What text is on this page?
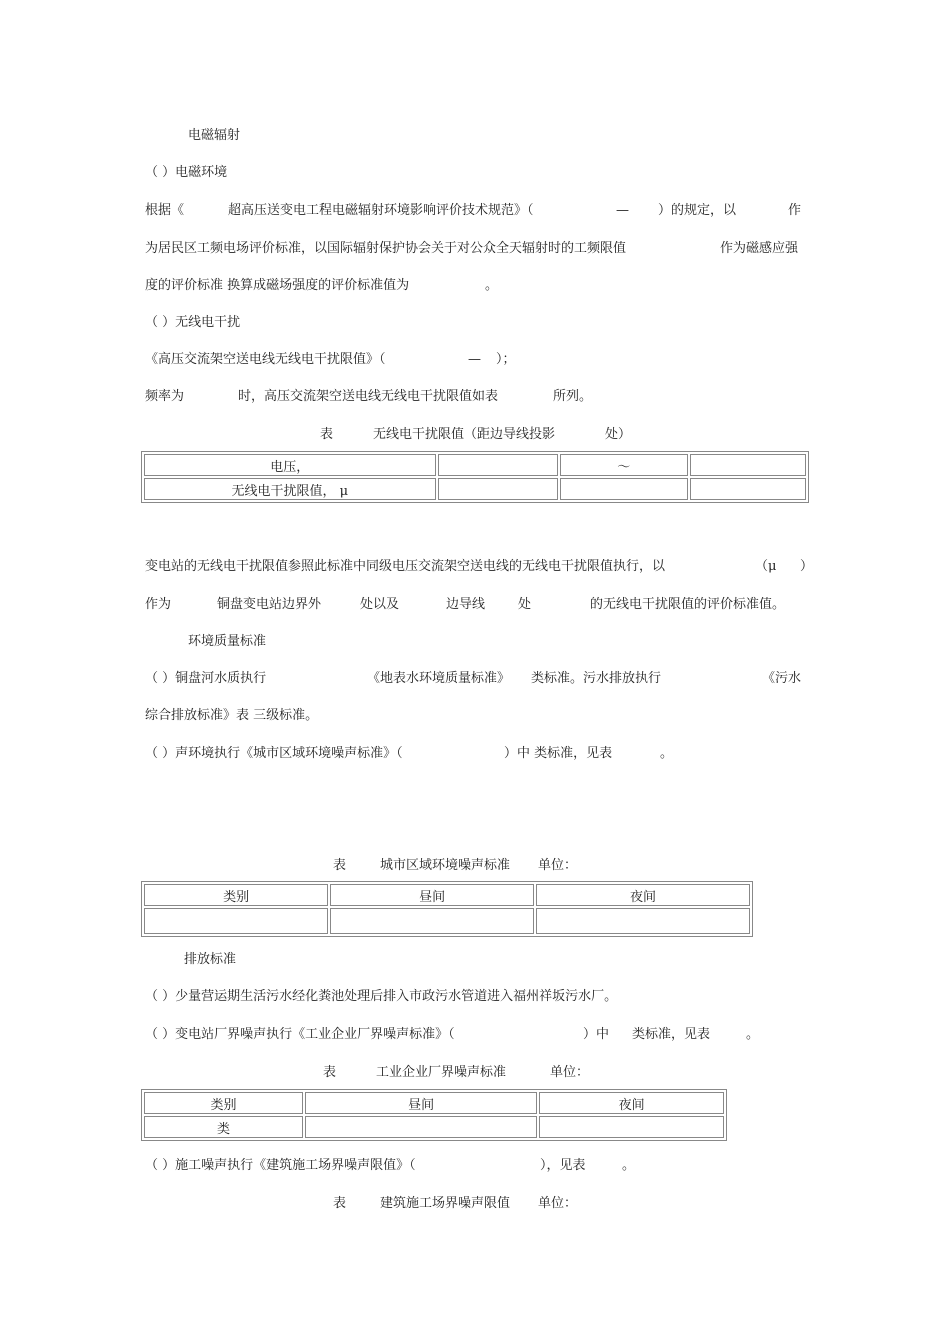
电磁辐射
（ ）电磁环境
根据《	超高压送变电工程电磁辐射环境影响评价技术规范》（	— ）的规定，以	作
为居民区工频电场评价标准，以国际辐射保护协会关于对公众全天辐射时的工频限值	作为磁感应强
度的评价标准 换算成磁场强度的评价标准值为	。
（ ）无线电干扰
《高压交流架空送电线无线电干扰限值》（	— ）；
频率为	时，高压交流架空送电线无线电干扰限值如表	所列。
表	无线电干扰限值（距边导线投影	处）
电压，		～	
无线电干扰限值， μ			
变电站的无线电干扰限值参照此标准中同级电压交流架空送电线的无线电干扰限值执行，以	（μ ）
作为	铜盘变电站边界外	处以及	边导线	处	的无线电干扰限值的评价标准值。
环境质量标准
（ ）铜盘河水质执行	《地表水环境质量标准》 类标准。污水排放执行	《污水
综合排放标准》表 三级标准。
（ ）声环境执行《城市区域环境噪声标准》（	）中 类标准，见表	。
表	城市区域环境噪声标准 单位：
类别	昼间	夜间

排放标准
（ ）少量营运期生活污水经化粪池处理后排入市政污水管道进入福州祥坂污水厂。
（ ）变电站厂界噪声执行《工业企业厂界噪声标准》（	）中 类标准，见表	。
表	工业企业厂界噪声标准	单位：
类别	昼间	夜间
类		
（ ）施工噪声执行《建筑施工场界噪声限值》（	），见表	。
表	建筑施工场界噪声限值 单位：
